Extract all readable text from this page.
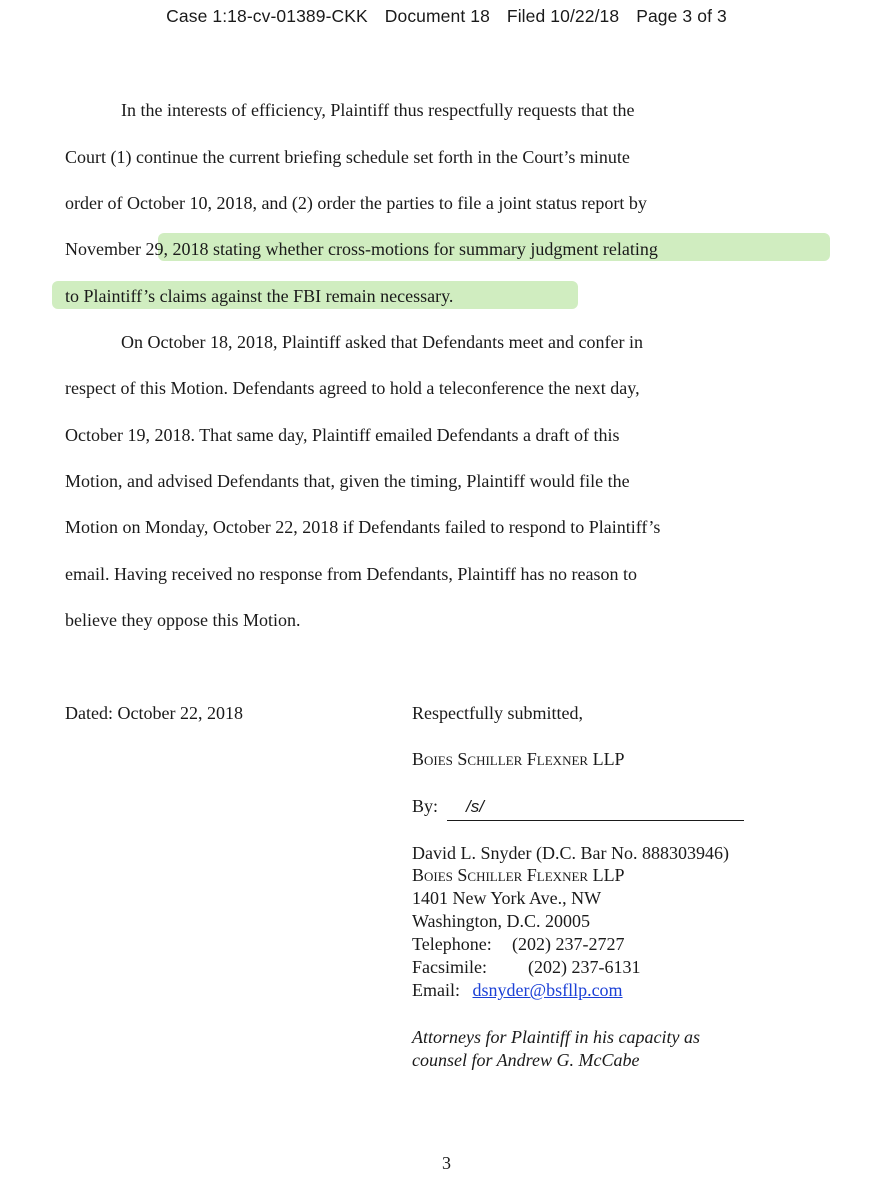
Case 1:18-cv-01389-CKK Document 18 Filed 10/22/18 Page 3 of 3
In the interests of efficiency, Plaintiff thus respectfully requests that the
Court (1) continue the current briefing schedule set forth in the Court’s minute
order of October 10, 2018, and (2) order the parties to file a joint status report by
November 29, 2018 stating whether cross-motions for summary judgment relating
to Plaintiff’s claims against the FBI remain necessary.
On October 18, 2018, Plaintiff asked that Defendants meet and confer in
respect of this Motion. Defendants agreed to hold a teleconference the next day,
October 19, 2018. That same day, Plaintiff emailed Defendants a draft of this
Motion, and advised Defendants that, given the timing, Plaintiff would file the
Motion on Monday, October 22, 2018 if Defendants failed to respond to Plaintiff’s
email. Having received no response from Defendants, Plaintiff has no reason to
believe they oppose this Motion.
Dated: October 22, 2018	Respectfully submitted,
Boies Schiller Flexner LLP
By: /s/
David L. Snyder (D.C. Bar No. 888303946)
Boies Schiller Flexner LLP
1401 New York Ave., NW
Washington, D.C. 20005
Telephone: (202) 237-2727
Facsimile: (202) 237-6131
Email: dsnyder@bsfllp.com
Attorneys for Plaintiff in his capacity as
counsel for Andrew G. McCabe
3
